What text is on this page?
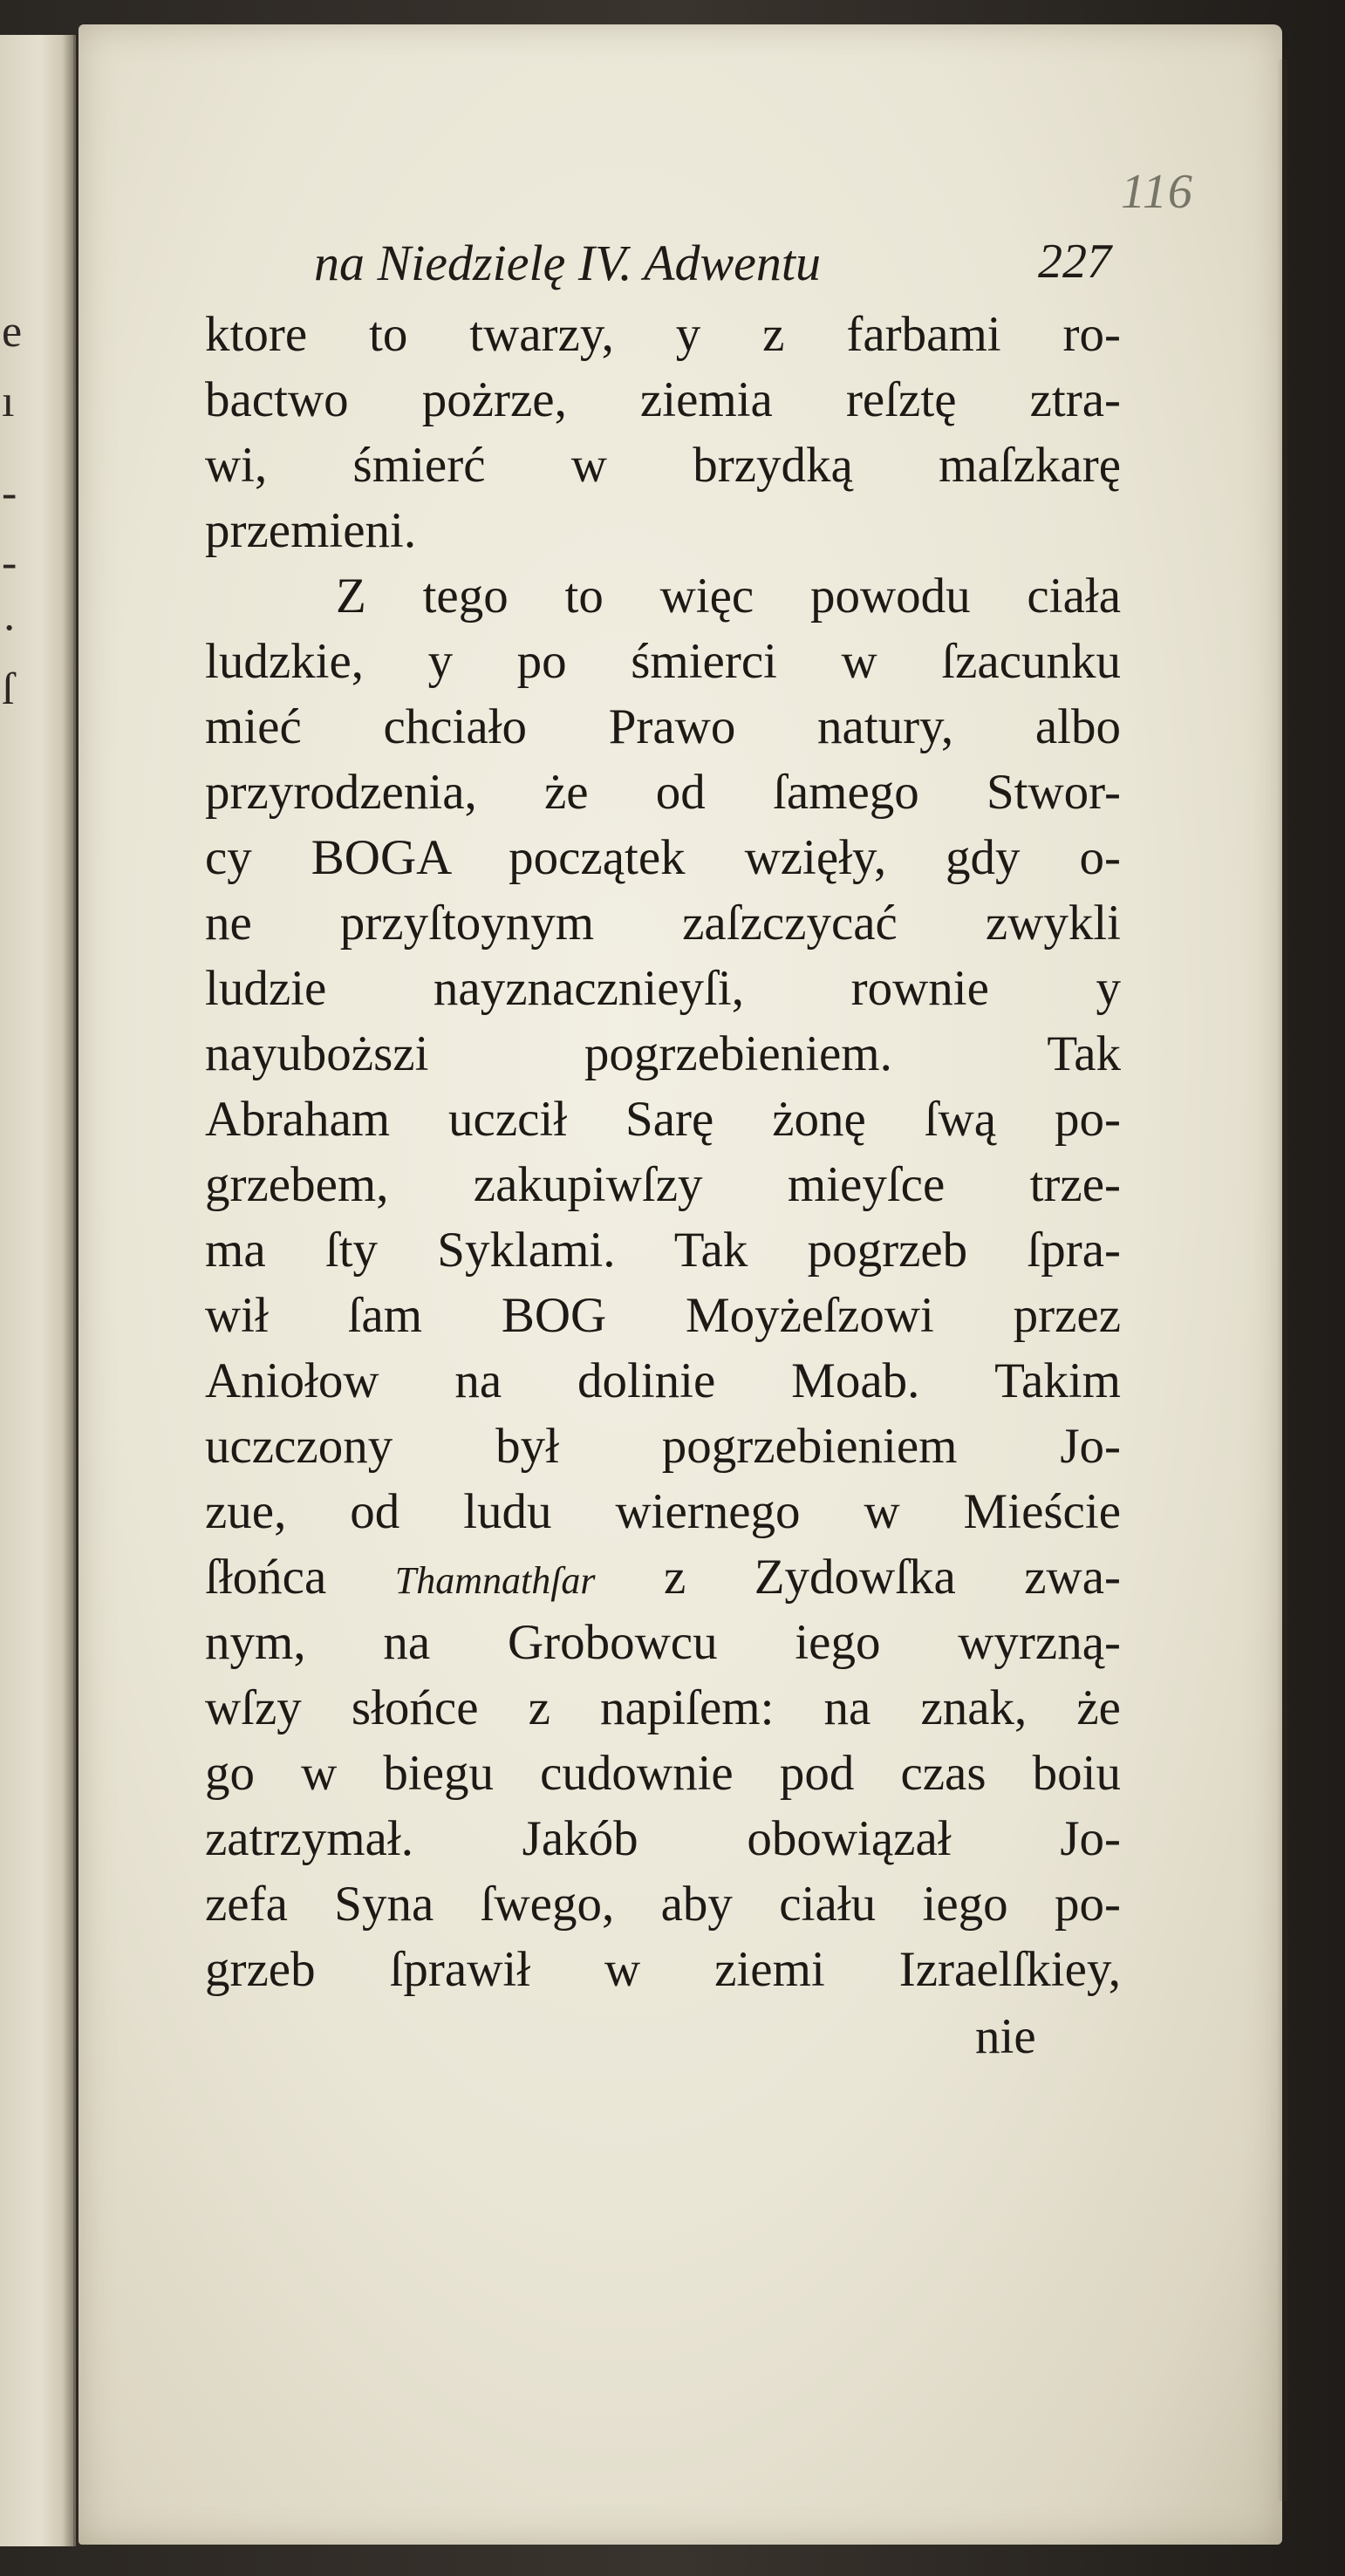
e
ı
-
-
·
ſ
116
na Niedzielę IV. Adwentu	227
ktore to twarzy, y z farbami ro-
bactwo pożrze, ziemia reſztę ztra-
wi, śmierć w brzydką maſzkarę
przemieni.
Z tego to więc powodu ciała
ludzkie, y po śmierci w ſzacunku
mieć chciało Prawo natury, albo
przyrodzenia, że od ſamego Stwor-
cy BOGA początek wzięły, gdy o-
ne przyſtoynym zaſzczycać zwykli
ludzie nayznacznieyſi, rownie y
nayuboższi pogrzebieniem. Tak
Abraham uczcił Sarę żonę ſwą po-
grzebem, zakupiwſzy mieyſce trze-
ma ſty Syklami. Tak pogrzeb ſpra-
wił ſam BOG Moyżeſzowi przez
Aniołow na dolinie Moab. Takim
uczczony był pogrzebieniem Jo-
zue, od ludu wiernego w Mieście
ſłońca Thamnathſar z Zydowſka zwa-
nym, na Grobowcu iego wyrzną-
wſzy słońce z napiſem: na znak, że
go w biegu cudownie pod czas boiu
zatrzymał. Jakób obowiązał Jo-
zefa Syna ſwego, aby ciału iego po-
grzeb ſprawił w ziemi Izraelſkiey,
nie
